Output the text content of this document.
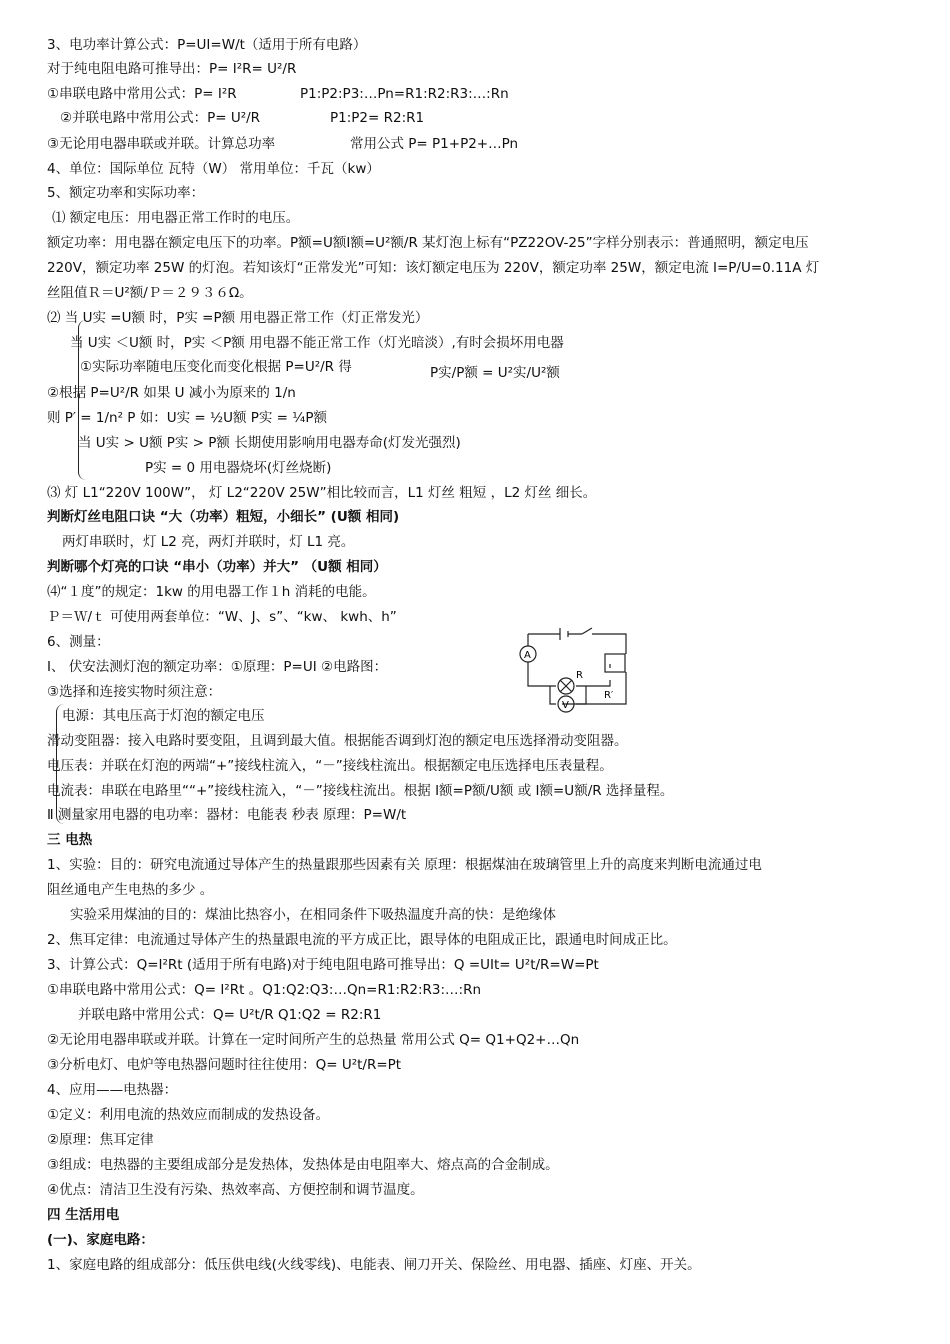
3、电功率计算公式：P=UI=W/t（适用于所有电路）
对于纯电阻电路可推导出：P= I²R= U²/R
①串联电路中常用公式：P= I²R	P1:P2:P3:…Pn=R1:R2:R3:…:Rn
②并联电路中常用公式：P= U²/R	P1:P2= R2:R1
③无论用电器串联或并联。计算总功率	常用公式 P= P1+P2+…Pn
4、单位：国际单位 瓦特（W） 常用单位：千瓦（kw）
5、额定功率和实际功率：
⑴ 额定电压：用电器正常工作时的电压。
额定功率：用电器在额定电压下的功率。P额=U额I额=U²额/R 某灯泡上标有“PZ22OV-25”字样分别表示：普通照明，额定电压
220V，额定功率 25W 的灯泡。若知该灯“正常发光”可知：该灯额定电压为 220V，额定功率 25W，额定电流 I=P/U=0.11A 灯
丝阻值Ｒ＝U²额/Ｐ＝２９３６Ω。
⑵ 当 U实 =U额 时，P实 =P额 用电器正常工作（灯正常发光）
当 U实 ＜U额 时，P实 ＜P额 用电器不能正常工作（灯光暗淡）,有时会损坏用电器
①实际功率随电压变化而变化根据 P=U²/R 得	P实/P额 = U²实/U²额
②根据 P=U²/R 如果 U 减小为原来的 1/n
则 P′ = 1/n² P 如：U实 = ½U额 P实 = ¼P额
当 U实 > U额 P实 > P额 长期使用影响用电器寿命(灯发光强烈)
P实 = 0 用电器烧坏(灯丝烧断)
⑶ 灯 L1“220V 100W”， 灯 L2“220V 25W”相比较而言，L1 灯丝 粗短 ，L2 灯丝 细长。
判断灯丝电阻口诀 “大（功率）粗短，小细长” (U额 相同)
两灯串联时，灯 L2 亮，两灯并联时，灯 L1 亮。
判断哪个灯亮的口诀 “串小（功率）并大” （U额 相同）
⑷“１度”的规定：1kw 的用电器工作１h 消耗的电能。
Ｐ＝Ｗ/ｔ 可使用两套单位：“W、J、s”、“kw、 kwh、h”
6、测量：
Ⅰ、 伏安法测灯泡的额定功率：①原理：P=UI ②电路图：
③选择和连接实物时须注意：
电源：其电压高于灯泡的额定电压
滑动变阻器：接入电路时要变阻，且调到最大值。根据能否调到灯泡的额定电压选择滑动变阻器。
电压表：并联在灯泡的两端“+”接线柱流入，“－”接线柱流出。根据额定电压选择电压表量程。
电流表：串联在电路里““+”接线柱流入，“－”接线柱流出。根据 I额=P额/U额 或 I额=U额/R 选择量程。
Ⅱ 测量家用电器的电功率：器材：电能表 秒表 原理：P=W/t
三 电热
1、实验：目的：研究电流通过导体产生的热量跟那些因素有关 原理：根据煤油在玻璃管里上升的高度来判断电流通过电
阻丝通电产生电热的多少 。
实验采用煤油的目的：煤油比热容小，在相同条件下吸热温度升高的快：是绝缘体
2、焦耳定律：电流通过导体产生的热量跟电流的平方成正比，跟导体的电阻成正比，跟通电时间成正比。
3、计算公式：Q=I²Rt (适用于所有电路)对于纯电阻电路可推导出：Q =UIt= U²t/R=W=Pt
①串联电路中常用公式：Q= I²Rt 。Q1:Q2:Q3:…Qn=R1:R2:R3:…:Rn
并联电路中常用公式：Q= U²t/R Q1:Q2 = R2:R1
②无论用电器串联或并联。计算在一定时间所产生的总热量 常用公式 Q= Q1+Q2+…Qn
③分析电灯、电炉等电热器问题时往往使用：Q= U²t/R=Pt
4、应用——电热器：
①定义：利用电流的热效应而制成的发热设备。
②原理：焦耳定律
③组成：电热器的主要组成部分是发热体，发热体是由电阻率大、熔点高的合金制成。
④优点：清洁卫生没有污染、热效率高、方便控制和调节温度。
四 生活用电
(一)、家庭电路：
1、家庭电路的组成部分：低压供电线(火线零线)、电能表、闸刀开关、保险丝、用电器、插座、灯座、开关。
A
V
R
R′
